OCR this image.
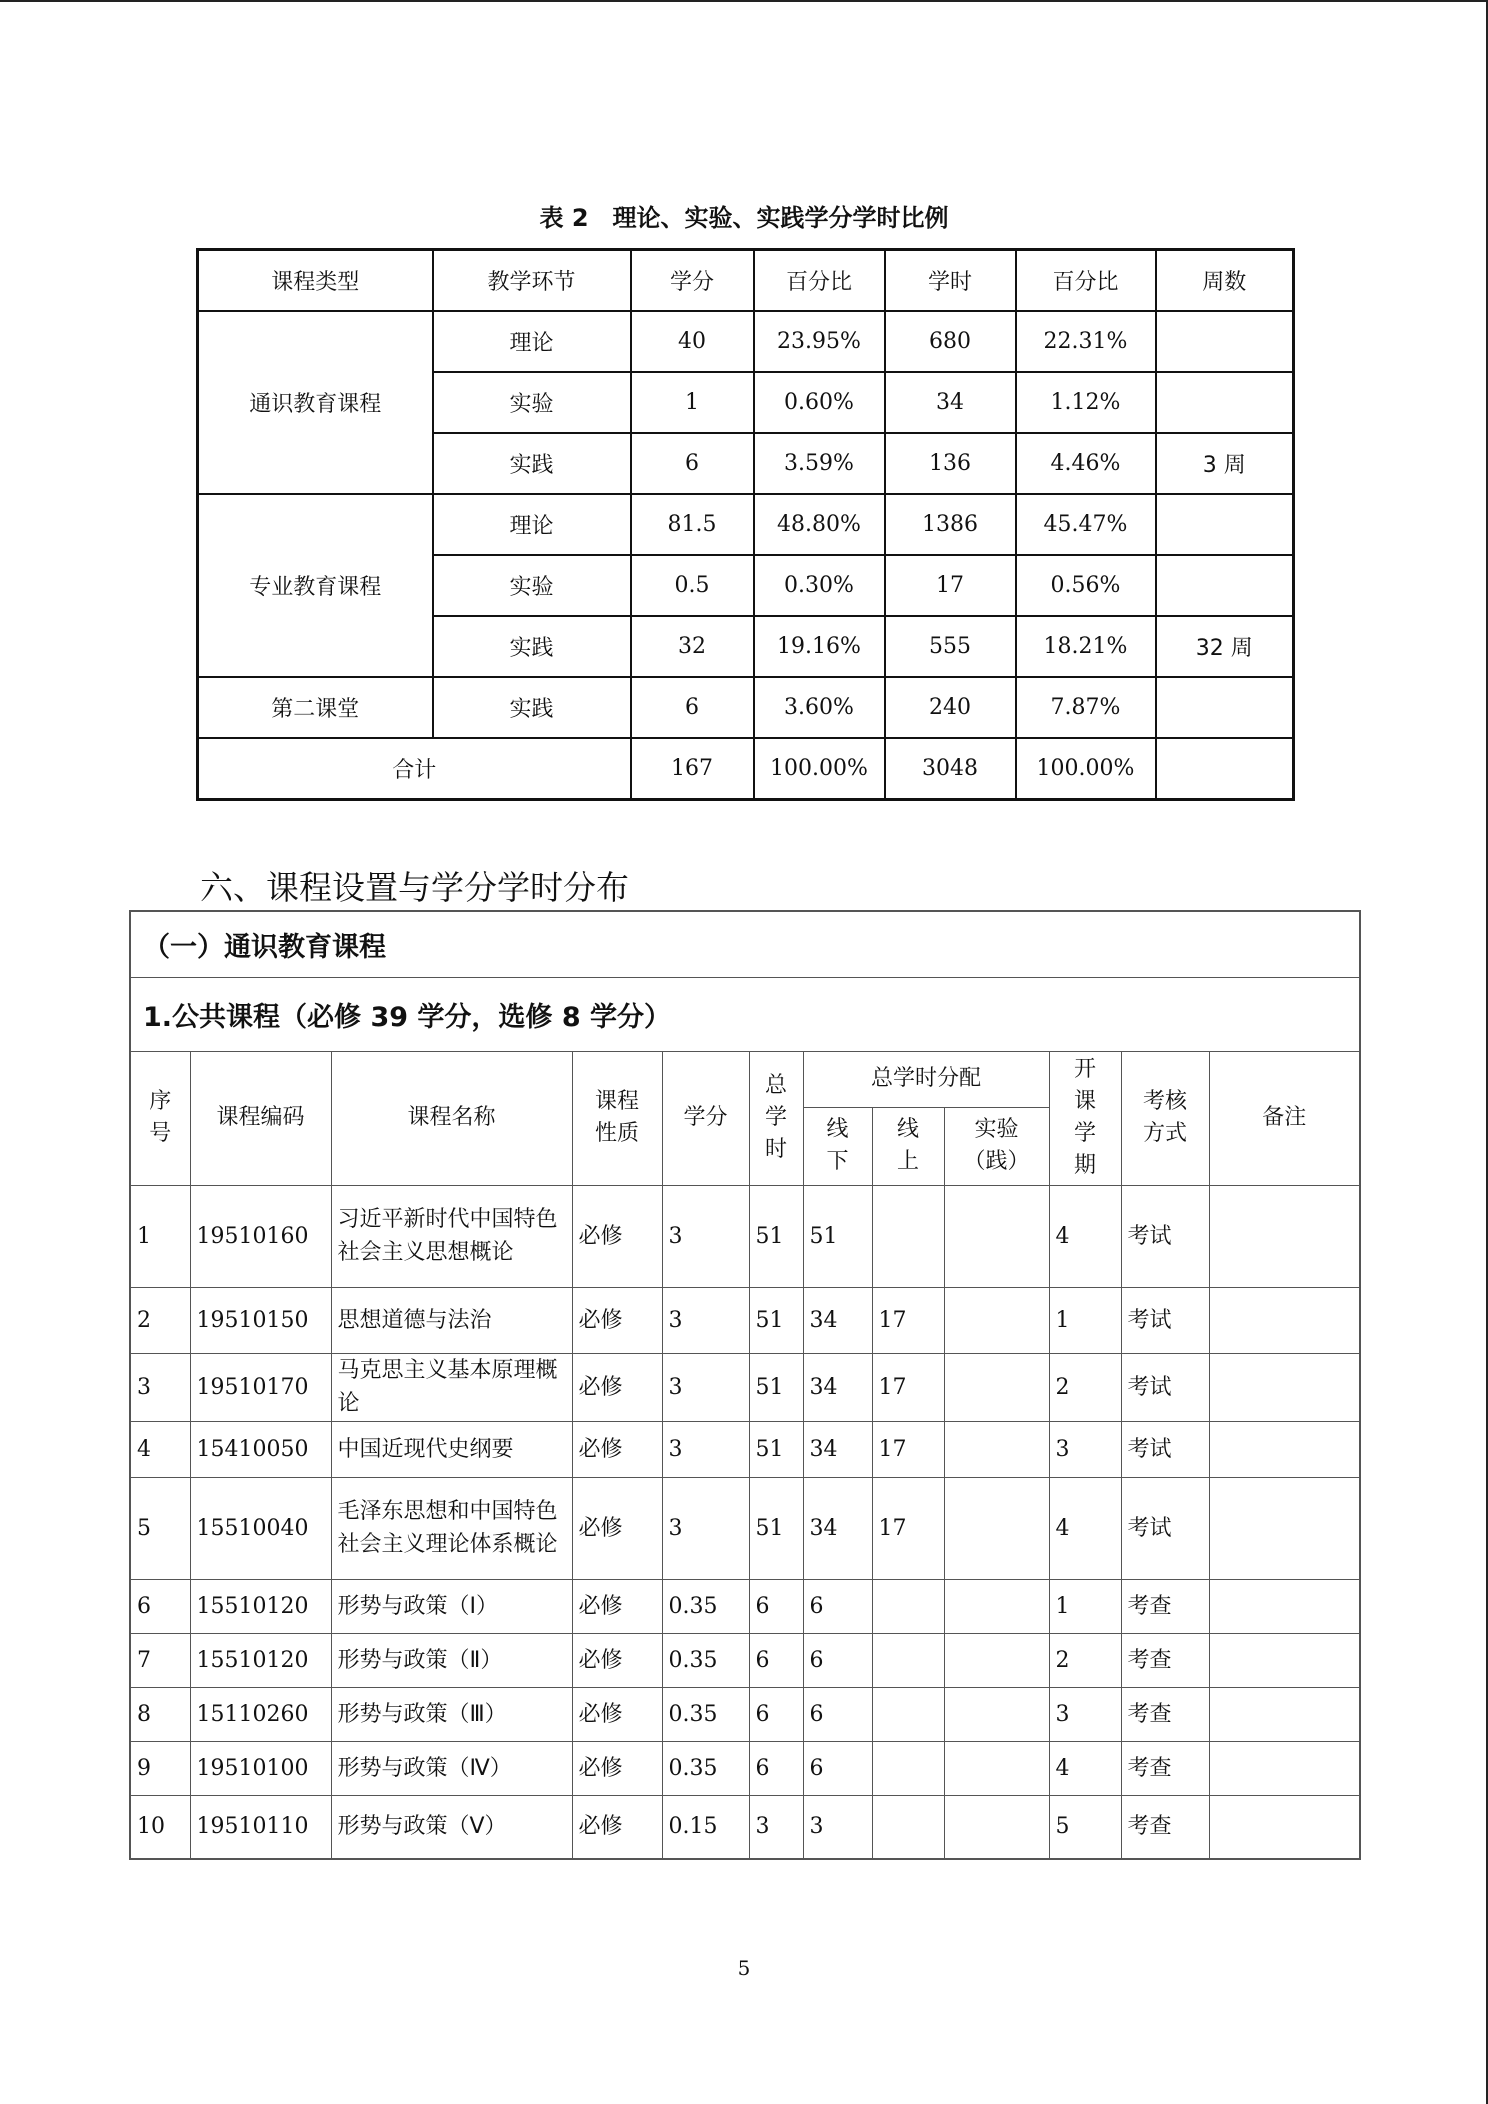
表 2　理论、实验、实践学分学时比例
课程类型	教学环节	学分	百分比	学时	百分比	周数
通识教育课程	理论	40	23.95%	680	22.31%	
	实验	1	0.60%	34	1.12%	
	实践	6	3.59%	136	4.46%	3 周
专业教育课程	理论	81.5	48.80%	1386	45.47%	
	实验	0.5	0.30%	17	0.56%	
	实践	32	19.16%	555	18.21%	32 周
第二课堂	实践	6	3.60%	240	7.87%	
合计		167	100.00%	3048	100.00%	
六、课程设置与学分学时分布
（一）通识教育课程											
1.公共课程（必修 39 学分，选修 8 学分）											
序号	课程编码	课程名称	课程性质	学分	总学时	总学时分配			开课学期	考核方式	备注
						线下	线上	实验（践）			
1	19510160	习近平新时代中国特色社会主义思想概论	必修	3	51	51			4	考试	
2	19510150	思想道德与法治	必修	3	51	34	17		1	考试	
3	19510170	马克思主义基本原理概论	必修	3	51	34	17		2	考试	
4	15410050	中国近现代史纲要	必修	3	51	34	17		3	考试	
5	15510040	毛泽东思想和中国特色社会主义理论体系概论	必修	3	51	34	17		4	考试	
6	15510120	形势与政策（Ⅰ）	必修	0.35	6	6			1	考查	
7	15510120	形势与政策（Ⅱ）	必修	0.35	6	6			2	考查	
8	15110260	形势与政策（Ⅲ）	必修	0.35	6	6			3	考查	
9	19510100	形势与政策（Ⅳ）	必修	0.35	6	6			4	考查	
10	19510110	形势与政策（Ⅴ）	必修	0.15	3	3			5	考查	
5
